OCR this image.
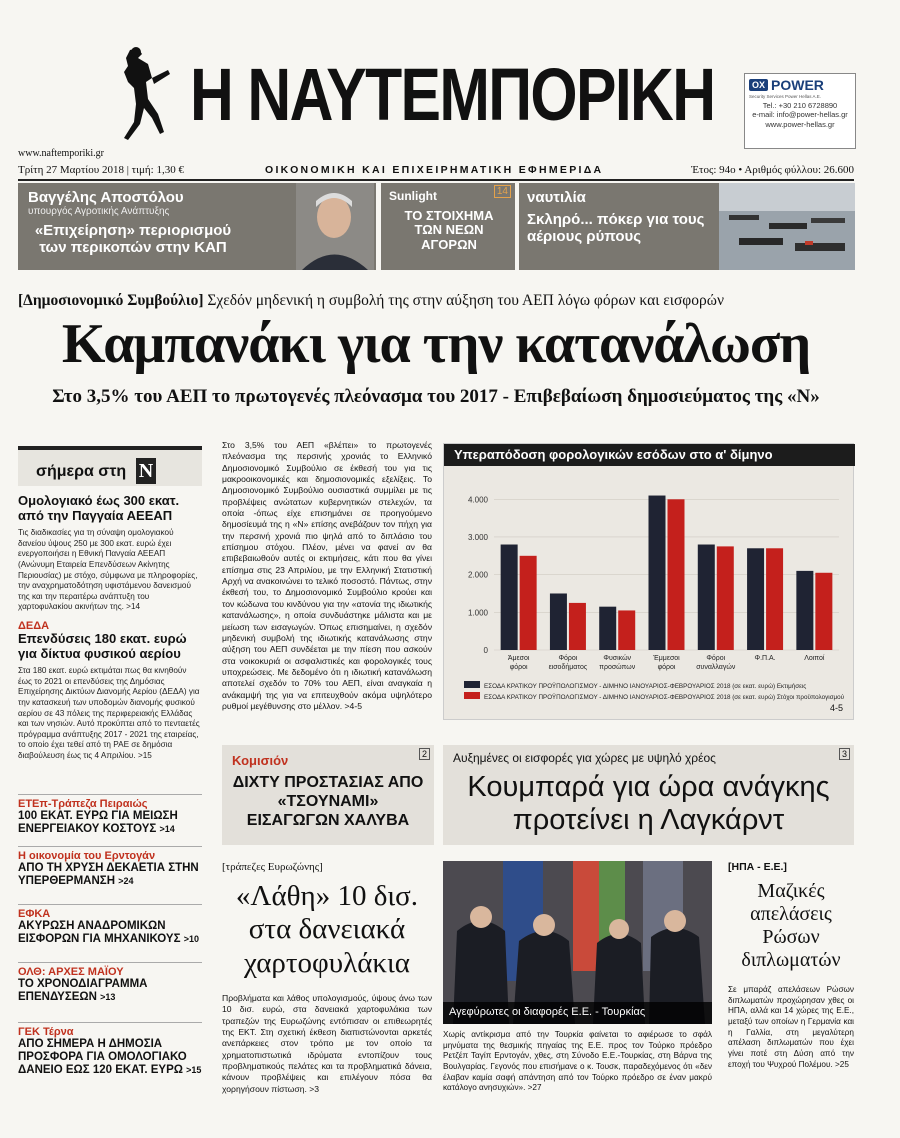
Η ΝΑΥΤΕΜΠΟΡΙΚΗ
www.naftemporiki.gr
Τρίτη 27 Μαρτίου 2018 | τιμή: 1,30 €	ΟΙΚΟΝΟΜΙΚΗ ΚΑΙ ΕΠΙΧΕΙΡΗΜΑΤΙΚΗ ΕΦΗΜΕΡΙΔΑ	Έτος: 94ο • Αριθμός φύλλου: 26.600
OX POWER
Security Services Power Hellas A.E.
Tel.: +30 210 6728890
e-mail: info@power-hellas.gr
www.power-hellas.gr
Βαγγέλης Αποστόλου
υπουργός Αγροτικής Ανάπτυξης
«Επιχείρηση» περιορισμού των περικοπών στην ΚΑΠ
14
Sunlight
ΤΟ ΣΤΟΙΧΗΜΑ ΤΩΝ ΝΕΩΝ ΑΓΟΡΩΝ
ναυτιλία
Σκληρό... πόκερ για τους αέριους ρύπους
[Δημοσιονομικό Συμβούλιο] Σχεδόν μηδενική η συμβολή της στην αύξηση του ΑΕΠ λόγω φόρων και εισφορών
Καμπανάκι για την κατανάλωση
Στο 3,5% του ΑΕΠ το πρωτογενές πλεόνασμα του 2017 - Επιβεβαίωση δημοσιεύματος της «Ν»
σήμερα στη N
Ομολογιακό έως 300 εκατ. από την Παγγαία ΑΕΕΑΠ
Τις διαδικασίες για τη σύναψη ομολογιακού δανείου ύψους 250 με 300 εκατ. ευρώ έχει ενεργοποιήσει η Εθνική Πανγαία ΑΕΕΑΠ (Ανώνυμη Εταιρεία Επενδύσεων Ακίνητης Περιουσίας) με στόχο, σύμφωνα με πληροφορίες, την αναχρηματοδότηση υφιστάμενου δανεισμού της και την περαιτέρω ανάπτυξη του χαρτοφυλακίου ακινήτων της. >14
ΔΕΔΑ
Επενδύσεις 180 εκατ. ευρώ για δίκτυα φυσικού αερίου
Στα 180 εκατ. ευρώ εκτιμάται πως θα κινηθούν έως το 2021 οι επενδύσεις της Δημόσιας Επιχείρησης Δικτύων Διανομής Αερίου (ΔΕΔΑ) για την κατασκευή των υποδομών διανομής φυσικού αερίου σε 43 πόλεις της περιφερειακής Ελλάδας και των νησιών. Αυτό προκύπτει από το πενταετές πρόγραμμα ανάπτυξης 2017 - 2021 της εταιρείας, το οποίο έχει τεθεί από τη ΡΑΕ σε δημόσια διαβούλευση έως τις 4 Απριλίου. >15
ΕΤΕπ-Τράπεζα Πειραιώς
100 ΕΚΑΤ. ΕΥΡΩ ΓΙΑ ΜΕΙΩΣΗ ΕΝΕΡΓΕΙΑΚΟΥ ΚΟΣΤΟΥΣ >14
Η οικονομία του Ερντογάν
ΑΠΟ ΤΗ ΧΡΥΣΗ ΔΕΚΑΕΤΙΑ ΣΤΗΝ ΥΠΕΡΘΕΡΜΑΝΣΗ >24
ΕΦΚΑ
ΑΚΥΡΩΣΗ ΑΝΑΔΡΟΜΙΚΩΝ ΕΙΣΦΟΡΩΝ ΓΙΑ ΜΗΧΑΝΙΚΟΥΣ >10
ΟΛΘ: ΑΡΧΕΣ ΜΑΪΟΥ
ΤΟ ΧΡΟΝΟΔΙΑΓΡΑΜΜΑ ΕΠΕΝΔΥΣΕΩΝ >13
ΓΕΚ Τέρνα
ΑΠΟ ΣΗΜΕΡΑ Η ΔΗΜΟΣΙΑ ΠΡΟΣΦΟΡΑ ΓΙΑ ΟΜΟΛΟΓΙΑΚΟ ΔΑΝΕΙΟ ΕΩΣ 120 ΕΚΑΤ. ΕΥΡΩ >15
Στο 3,5% του ΑΕΠ «βλέπει» το πρωτογενές πλεόνασμα της περσινής χρονιάς το Ελληνικό Δημοσιονομικό Συμβούλιο σε έκθεσή του για τις μακροοικονομικές και δημοσιονομικές εξελίξεις. Το Δημοσιονομικό Συμβούλιο ουσιαστικά συμμίλει με τις προβλέψεις ανώτατων κυβερνητικών στελεχών, τα οποία -όπως είχε επισημάνει σε προηγούμενο δημοσίευμά της η «Ν» επίσης ανεβάζουν τον πήχη για την περσινή χρονιά πιο ψηλά από το διπλάσιο του επίσημου στόχου. Πλέον, μένει να φανεί αν θα επιβεβαιωθούν αυτές οι εκτιμήσεις, κάτι που θα γίνει επίσημα στις 23 Απριλίου, με την Ελληνική Στατιστική Αρχή να ανακοινώνει το τελικό ποσοστό. Πάντως, στην έκθεσή του, το Δημοσιονομικό Συμβούλιο κρούει και τον κώδωνα του κινδύνου για την «ατονία της ιδιωτικής κατανάλωσης», η οποία συνδυάστηκε μάλιστα και με μείωση των εισαγωγών. Όπως επισημαίνει, η σχεδόν μηδενική συμβολή της ιδιωτικής κατανάλωσης στην αύξηση του ΑΕΠ συνδέεται με την πίεση που ασκούν στα νοικοκυριά οι ασφαλιστικές και φορολογικές τους υποχρεώσεις. Με δεδομένο ότι η ιδιωτική κατανάλωση αποτελεί σχεδόν το 70% του ΑΕΠ, είναι αναγκαία η ανάκαμψή της για να επιτευχθούν ακόμα υψηλότερο ρυθμοί μεγέθυνσης στο μέλλον. >4-5
Υπεραπόδοση φορολογικών εσόδων στο α' δίμηνο
0
1.000
2.000
3.000
4.000
Άμεσοι
φόροι
Φόροι
εισοδήματος
Φυσικών
προσώπων
Έμμεσοι
φόροι
Φόροι
συναλλαγών
Φ.Π.Α.	Λοιποί
ΕΣΟΔΑ ΚΡΑΤΙΚΟΥ ΠΡΟΫΠΟΛΟΓΙΣΜΟΥ - ΔΙΜΗΝΟ ΙΑΝΟΥΑΡΙΟΣ-ΦΕΒΡΟΥΑΡΙΟΣ 2018 (σε εκατ. ευρώ) Εκτιμήσεις
ΕΣΟΔΑ ΚΡΑΤΙΚΟΥ ΠΡΟΫΠΟΛΟΓΙΣΜΟΥ - ΔΙΜΗΝΟ ΙΑΝΟΥΑΡΙΟΣ-ΦΕΒΡΟΥΑΡΙΟΣ 2018 (σε εκατ. ευρώ) Στόχοι προϋπολογισμού
4-5
2
Κομισιόν
ΔΙΧΤΥ ΠΡΟΣΤΑΣΙΑΣ ΑΠΟ «ΤΣΟΥΝΑΜΙ» ΕΙΣΑΓΩΓΩΝ ΧΑΛΥΒΑ
3
Αυξημένες οι εισφορές για χώρες με υψηλό χρέος
Κουμπαρά για ώρα ανάγκης προτείνει η Λαγκάρντ
[τράπεζες Ευρωζώνης]
«Λάθη» 10 δισ. στα δανειακά χαρτοφυλάκια
Προβλήματα και λάθος υπολογισμούς, ύψους άνω των 10 δισ. ευρώ, στα δανειακά χαρτοφυλάκια των τραπεζών της Ευρωζώνης εντόπισαν οι επιθεωρητές της ΕΚΤ. Στη σχετική έκθεση διαπιστώνονται αρκετές ανεπάρκειες στον τρόπο με τον οποίο τα χρηματοπιστωτικά ιδρύματα εντοπίζουν τους προβληματικούς πελάτες και τα προβληματικά δάνεια, κάνουν προβλέψεις και επιλέγουν πόσα θα χορηγήσουν πίστωση. >3
Αγεφύρωτες οι διαφορές Ε.Ε. - Τουρκίας
Χωρίς αντίκρισμα από την Τουρκία φαίνεται το αφιέρωσε το σφάλ μηνύματα της θεσμικής πηγαίας της Ε.Ε. προς τον Τούρκο πρόεδρο Ρετζέπ Ταγίπ Ερντογάν, χθες, στη Σύνοδο Ε.Ε.-Τουρκίας, στη Βάρνα της Βουλγαρίας. Γεγονός που επισήμανε ο κ. Τουσκ, παραδεχόμενος ότι «δεν έλαβαν καμία σαφή απάντηση από τον Τούρκο πρόεδρο σε έναν μακρύ κατάλογο ανησυχιών». >27
[ΗΠΑ - Ε.Ε.]
Μαζικές απελάσεις Ρώσων διπλωματών
Σε μπαράζ απελάσεων Ρώσων διπλωματών προχώρησαν χθες οι ΗΠΑ, αλλά και 14 χώρες της Ε.Ε., μεταξύ των οποίων η Γερμανία και η Γαλλία, στη μεγαλύτερη απέλαση διπλωματών που έχει γίνει ποτέ στη Δύση από την εποχή του Ψυχρού Πολέμου. >25
